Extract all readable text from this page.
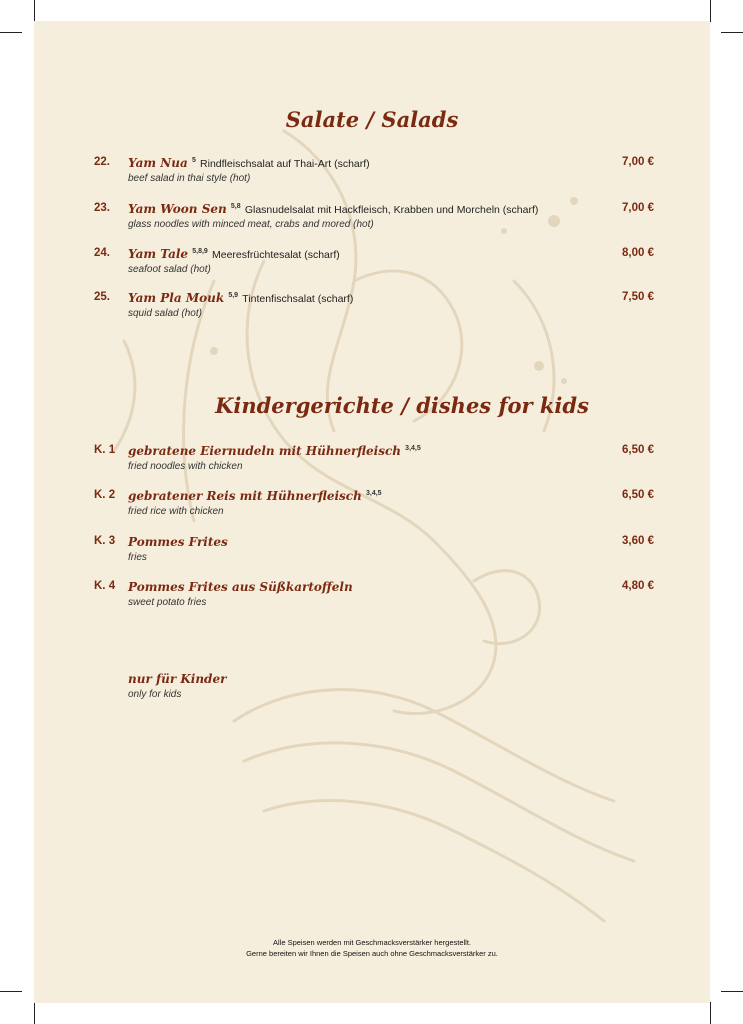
Salate / Salads
22. Yam Nua $^5$ Rindfleischsalat auf Thai-Art (scharf)	7,00 €
beef salad in thai style (hot)
23. Yam Woon Sen $^{5,8}$ Glasnudelsalat mit Hackfleisch, Krabben und Morcheln (scharf)	7,00 €
glass noodles with minced meat, crabs and mored (hot)
24. Yam Tale $^{5,8,9}$ Meeresfrüchtesalat (scharf)	8,00 €
seafoot salad (hot)
25. Yam Pla Mouk $^{5,9}$ Tintenfischsalat (scharf)	7,50 €
squid salad (hot)
Kindergerichte / dishes for kids
K. 1 gebratene Eiernudeln mit Hühnerfleisch $^{3,4,5}$	6,50 €
fried noodles with chicken
K. 2 gebratener Reis mit Hühnerfleisch $^{3,4,5}$	6,50 €
fried rice with chicken
K. 3 Pommes Frites	3,60 €
fries
K. 4 Pommes Frites aus Süßkartoffeln	4,80 €
sweet potato fries
nur für Kinder
only for kids
Alle Speisen werden mit Geschmacksverstärker hergestellt.
Gerne bereiten wir Ihnen die Speisen auch ohne Geschmacksverstärker zu.
